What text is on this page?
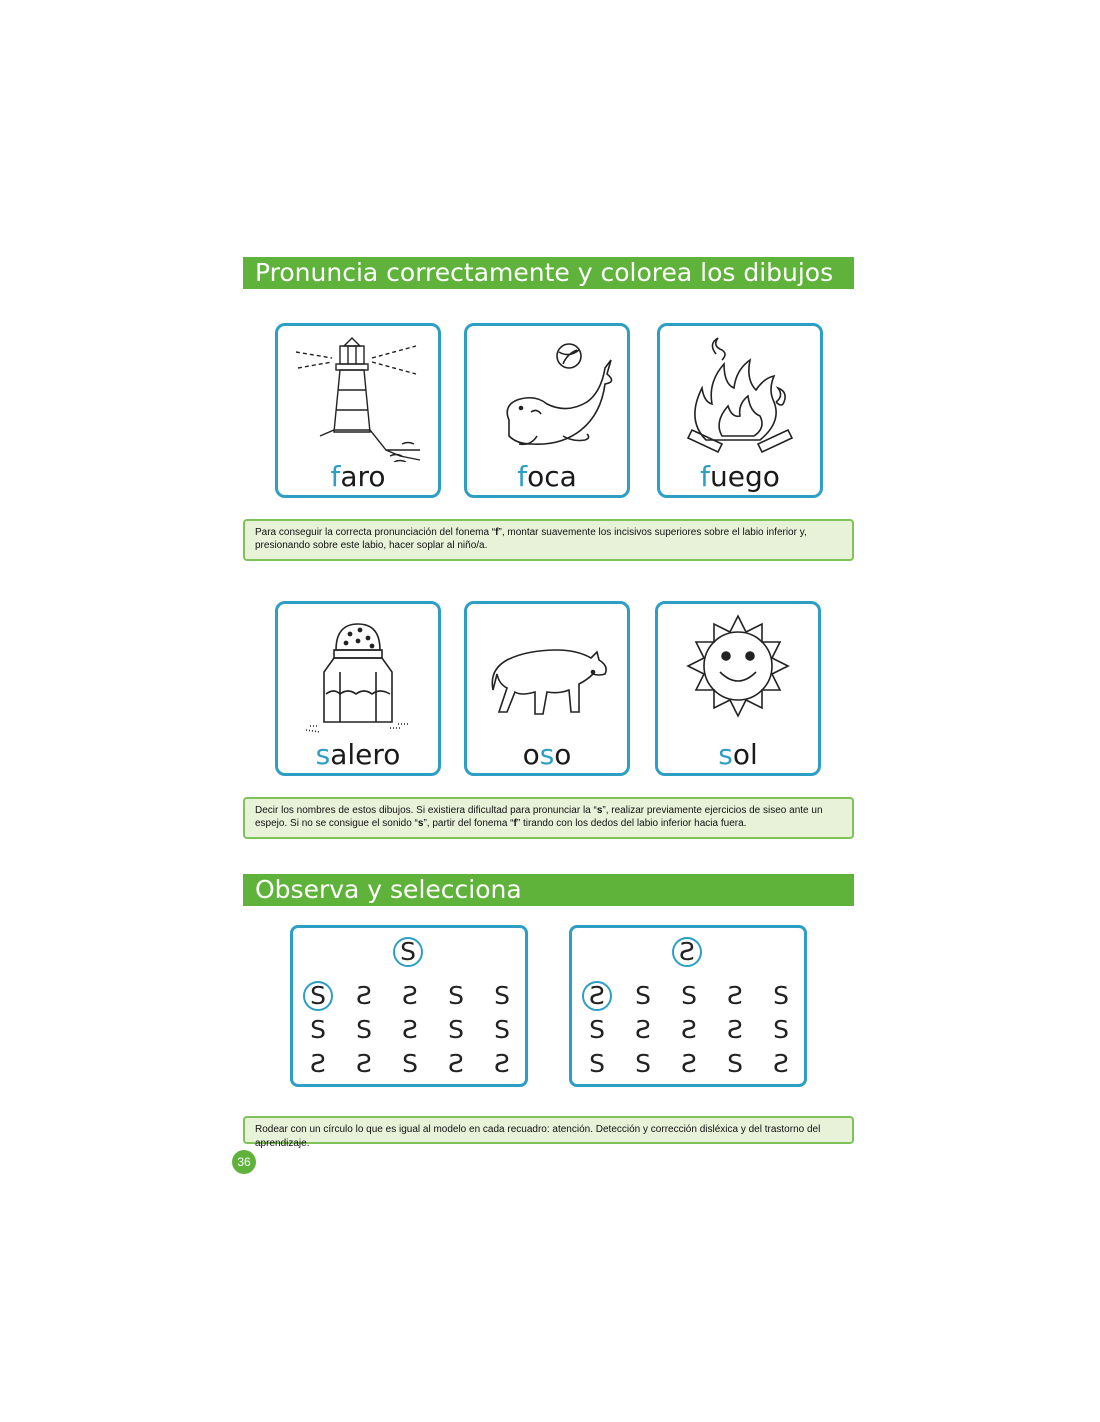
Pronuncia correctamente y colorea los dibujos
faro	foca	fuego
Para conseguir la correcta pronunciación del fonema “f”, montar suavemente los incisivos superiores sobre el labio inferior y, presionando sobre este labio, hacer soplar al niño/a.
salero	oso	sol
Decir los nombres de estos dibujos. Si existiera dificultad para pronunciar la “s”, realizar previamente ejercicios de siseo ante un espejo. Si no se consigue el sonido “s”, partir del fonema “f” tirando con los dedos del labio inferior hacia fuera.
Observa y selecciona
S
S S S S S
S S S S S
S S S S S
S
S S S S S
S S S S S
S S S S S
Rodear con un círculo lo que es igual al modelo en cada recuadro: atención. Detección y corrección disléxica y del trastorno del aprendizaje.
36
